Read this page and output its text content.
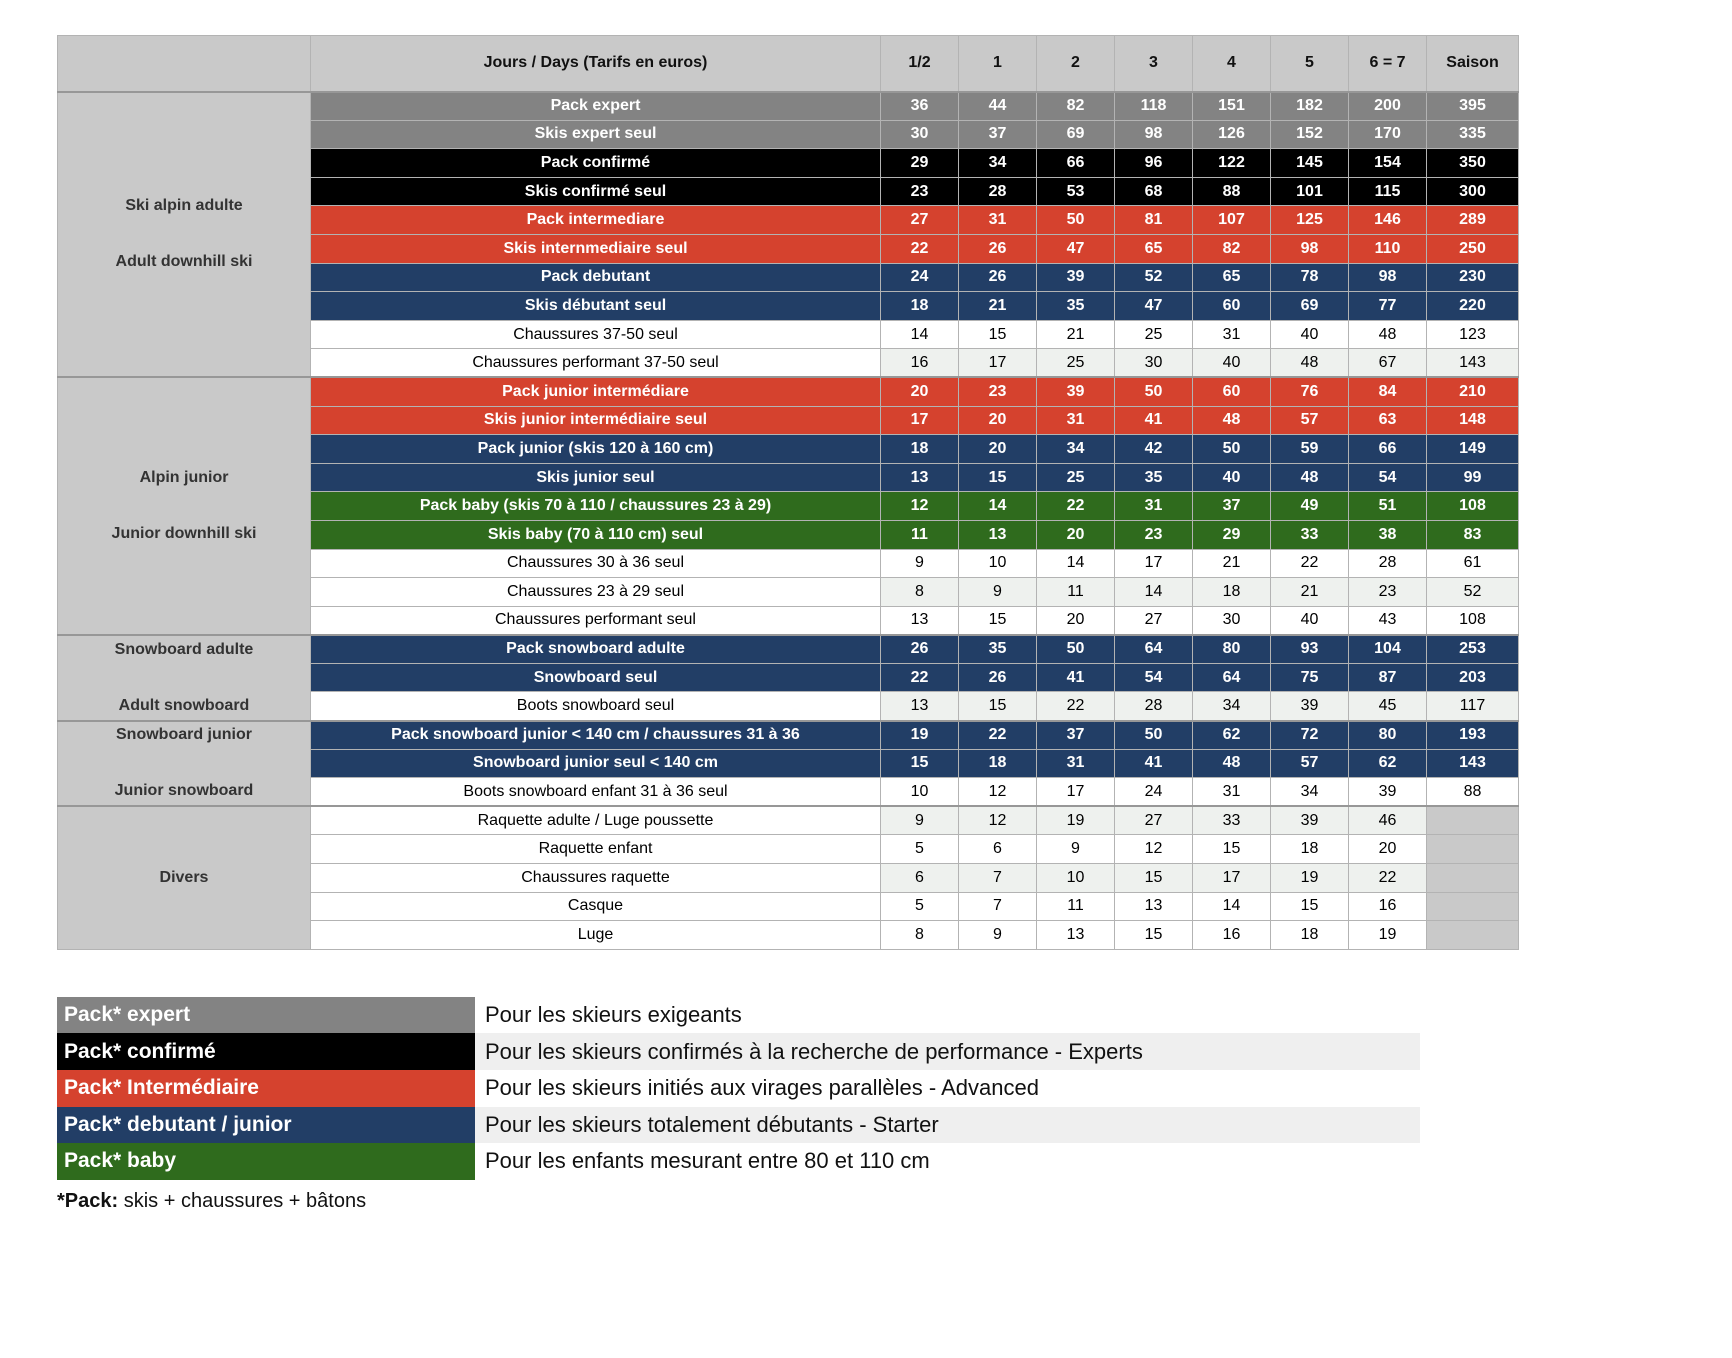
	Jours / Days (Tarifs en euros)	1/2	1	2	3	4	5	6 = 7	Saison

Ski alpin adulte
Adult downhill ski	Pack expert	36	44	82	118	151	182	200	395
	Skis expert seul	30	37	69	98	126	152	170	335
	Pack confirmé	29	34	66	96	122	145	154	350
	Skis confirmé seul	23	28	53	68	88	101	115	300
	Pack intermediare	27	31	50	81	107	125	146	289
	Skis internmediaire seul	22	26	47	65	82	98	110	250
	Pack debutant	24	26	39	52	65	78	98	230
	Skis débutant seul	18	21	35	47	60	69	77	220
	Chaussures 37-50 seul	14	15	21	25	31	40	48	123
	Chaussures performant 37-50 seul	16	17	25	30	40	48	67	143

Alpin junior
Junior downhill ski	Pack junior intermédiare	20	23	39	50	60	76	84	210
	Skis junior intermédiaire seul	17	20	31	41	48	57	63	148
	Pack junior (skis 120 à 160 cm)	18	20	34	42	50	59	66	149
	Skis junior seul	13	15	25	35	40	48	54	99
	Pack baby (skis 70 à 110 / chaussures 23 à 29)	12	14	22	31	37	49	51	108
	Skis baby (70 à 110 cm) seul	11	13	20	23	29	33	38	83
	Chaussures 30 à 36 seul	9	10	14	17	21	22	28	61
	Chaussures 23 à 29 seul	8	9	11	14	18	21	23	52
	Chaussures performant seul	13	15	20	27	30	40	43	108

Snowboard adulte
Adult snowboard	Pack snowboard adulte	26	35	50	64	80	93	104	253
	Snowboard seul	22	26	41	54	64	75	87	203
	Boots snowboard seul	13	15	22	28	34	39	45	117

Snowboard junior
Junior snowboard	Pack snowboard junior < 140 cm / chaussures 31 à 36	19	22	37	50	62	72	80	193
	Snowboard junior seul < 140 cm	15	18	31	41	48	57	62	143
	Boots snowboard enfant 31 à 36 seul	10	12	17	24	31	34	39	88

Divers	Raquette adulte / Luge poussette	9	12	19	27	33	39	46	
	Raquette enfant	5	6	9	12	15	18	20	
	Chaussures raquette	6	7	10	15	17	19	22	
	Casque	5	7	11	13	14	15	16	
	Luge	8	9	13	15	16	18	19	
Pack* expert	Pour les skieurs exigeants
Pack* confirmé	Pour les skieurs confirmés à la recherche de performance - Experts
Pack* Intermédiaire	Pour les skieurs initiés aux virages parallèles - Advanced
Pack* debutant / junior	Pour les skieurs totalement débutants - Starter
Pack* baby	Pour les enfants mesurant entre 80 et 110 cm
*Pack: skis + chaussures + bâtons
